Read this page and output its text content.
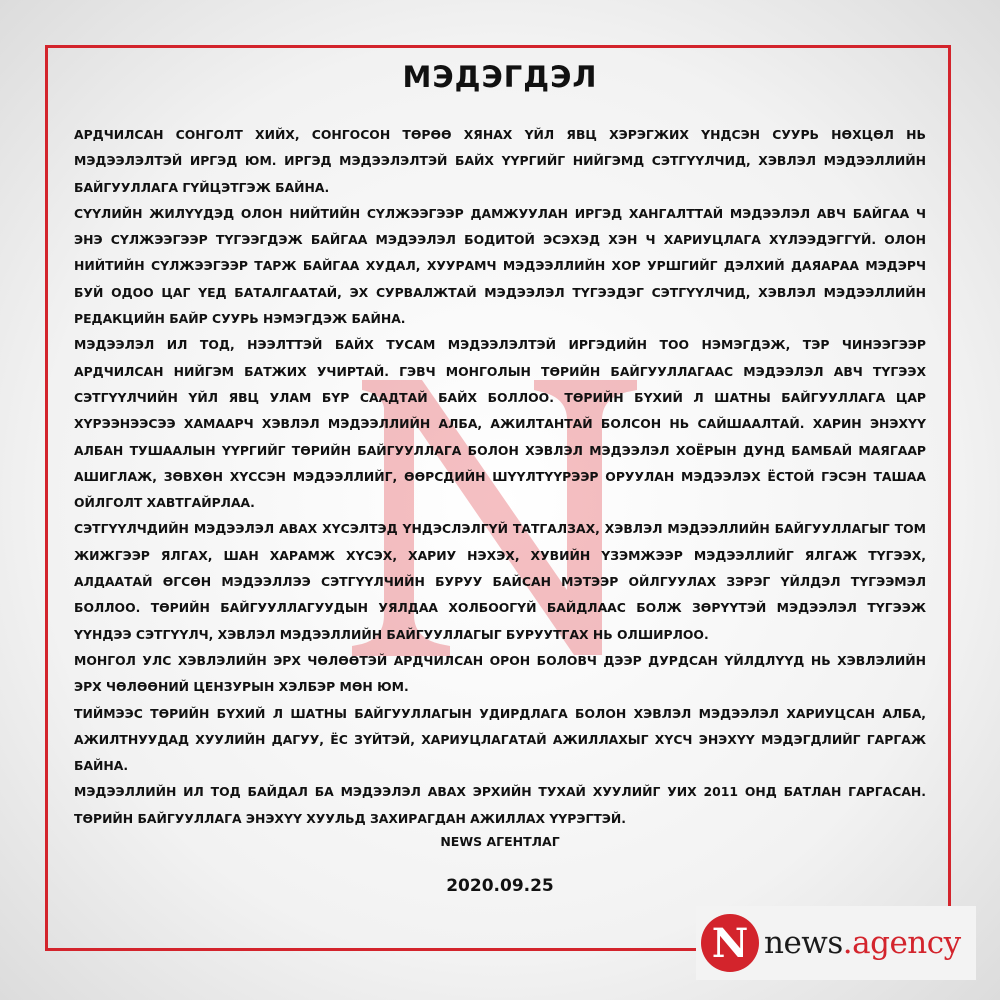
МЭДЭГДЭЛ

АРДЧИЛСАН СОНГОЛТ ХИЙХ, СОНГОСОН ТӨРӨӨ ХЯНАХ ҮЙЛ ЯВЦ ХЭРЭГЖИХ ҮНДСЭН СУУРЬ НӨХЦӨЛ НЬ МЭДЭЭЛЭЛТЭЙ ИРГЭД ЮМ. ИРГЭД МЭДЭЭЛЭЛТЭЙ БАЙХ ҮҮРГИЙГ НИЙГЭМД СЭТГҮҮЛЧИД, ХЭВЛЭЛ МЭДЭЭЛЛИЙН БАЙГУУЛЛАГА ГҮЙЦЭТГЭЖ БАЙНА.

СҮҮЛИЙН ЖИЛҮҮДЭД ОЛОН НИЙТИЙН СҮЛЖЭЭГЭЭР ДАМЖУУЛАН ИРГЭД ХАНГАЛТТАЙ МЭДЭЭЛЭЛ АВЧ БАЙГАА Ч ЭНЭ СҮЛЖЭЭГЭЭР ТҮГЭЭГДЭЖ БАЙГАА МЭДЭЭЛЭЛ БОДИТОЙ ЭСЭХЭД ХЭН Ч ХАРИУЦЛАГА ХҮЛЭЭДЭГГҮЙ. ОЛОН НИЙТИЙН СҮЛЖЭЭГЭЭР ТАРЖ БАЙГАА ХУДАЛ, ХУУРАМЧ МЭДЭЭЛЛИЙН ХОР УРШГИЙГ ДЭЛХИЙ ДАЯАРАА МЭДЭРЧ БУЙ ОДОО ЦАГ ҮЕД БАТАЛГААТАЙ, ЭХ СУРВАЛЖТАЙ МЭДЭЭЛЭЛ ТҮГЭЭДЭГ СЭТГҮҮЛЧИД, ХЭВЛЭЛ МЭДЭЭЛЛИЙН РЕДАКЦИЙН БАЙР СУУРЬ НЭМЭГДЭЖ БАЙНА.

МЭДЭЭЛЭЛ ИЛ ТОД, НЭЭЛТТЭЙ БАЙХ ТУСАМ МЭДЭЭЛЭЛТЭЙ ИРГЭДИЙН ТОО НЭМЭГДЭЖ, ТЭР ЧИНЭЭГЭЭР АРДЧИЛСАН НИЙГЭМ БАТЖИХ УЧИРТАЙ. ГЭВЧ МОНГОЛЫН ТӨРИЙН БАЙГУУЛЛАГААС МЭДЭЭЛЭЛ АВЧ ТҮГЭЭХ СЭТГҮҮЛЧИЙН ҮЙЛ ЯВЦ УЛАМ БҮР СААДТАЙ БАЙХ БОЛЛОО. ТӨРИЙН БҮХИЙ Л ШАТНЫ БАЙГУУЛЛАГА ЦАР ХҮРЭЭНЭЭСЭЭ ХАМААРЧ ХЭВЛЭЛ МЭДЭЭЛЛИЙН АЛБА, АЖИЛТАНТАЙ БОЛСОН НЬ САЙШААЛТАЙ. ХАРИН ЭНЭХҮҮ АЛБАН ТУШААЛЫН ҮҮРГИЙГ ТӨРИЙН БАЙГУУЛЛАГА БОЛОН ХЭВЛЭЛ МЭДЭЭЛЭЛ ХОЁРЫН ДУНД БАМБАЙ МАЯГААР АШИГЛАЖ, ЗӨВХӨН ХҮССЭН МЭДЭЭЛЛИЙГ, ӨӨРСДИЙН ШҮҮЛТҮҮРЭЭР ОРУУЛАН МЭДЭЭЛЭХ ЁСТОЙ ГЭСЭН ТАШАА ОЙЛГОЛТ ХАВТГАЙРЛАА.

СЭТГҮҮЛЧДИЙН МЭДЭЭЛЭЛ АВАХ ХҮСЭЛТЭД ҮНДЭСЛЭЛГҮЙ ТАТГАЛЗАХ, ХЭВЛЭЛ МЭДЭЭЛЛИЙН БАЙГУУЛЛАГЫГ ТОМ ЖИЖГЭЭР ЯЛГАХ, ШАН ХАРАМЖ ХҮСЭХ, ХАРИУ НЭХЭХ, ХУВИЙН ҮЗЭМЖЭЭР МЭДЭЭЛЛИЙГ ЯЛГАЖ ТҮГЭЭХ, АЛДААТАЙ ӨГСӨН МЭДЭЭЛЛЭЭ СЭТГҮҮЛЧИЙН БУРУУ БАЙСАН МЭТЭЭР ОЙЛГУУЛАХ ЗЭРЭГ ҮЙЛДЭЛ ТҮГЭЭМЭЛ БОЛЛОО. ТӨРИЙН БАЙГУУЛЛАГУУДЫН УЯЛДАА ХОЛБООГҮЙ БАЙДЛААС БОЛЖ ЗӨРҮҮТЭЙ МЭДЭЭЛЭЛ ТҮГЭЭЖ ҮҮНДЭЭ СЭТГҮҮЛЧ, ХЭВЛЭЛ МЭДЭЭЛЛИЙН БАЙГУУЛЛАГЫГ БУРУУТГАХ НЬ ОЛШИРЛОО.

МОНГОЛ УЛС ХЭВЛЭЛИЙН ЭРХ ЧӨЛӨӨТЭЙ АРДЧИЛСАН ОРОН БОЛОВЧ ДЭЭР ДУРДСАН ҮЙЛДЛҮҮД НЬ ХЭВЛЭЛИЙН ЭРХ ЧӨЛӨӨНИЙ ЦЕНЗУРЫН ХЭЛБЭР МӨН ЮМ.

ТИЙМЭЭС ТӨРИЙН БҮХИЙ Л ШАТНЫ БАЙГУУЛЛАГЫН УДИРДЛАГА БОЛОН ХЭВЛЭЛ МЭДЭЭЛЭЛ ХАРИУЦСАН АЛБА, АЖИЛТНУУДАД ХУУЛИЙН ДАГУУ, ЁС ЗҮЙТЭЙ, ХАРИУЦЛАГАТАЙ АЖИЛЛАХЫГ ХҮСЧ ЭНЭХҮҮ МЭДЭГДЛИЙГ ГАРГАЖ БАЙНА.

МЭДЭЭЛЛИЙН ИЛ ТОД БАЙДАЛ БА МЭДЭЭЛЭЛ АВАХ ЭРХИЙН ТУХАЙ ХУУЛИЙГ УИХ 2011 ОНД БАТЛАН ГАРГАСАН. ТӨРИЙН БАЙГУУЛЛАГА ЭНЭХҮҮ ХУУЛЬД ЗАХИРАГДАН АЖИЛЛАХ ҮҮРЭГТЭЙ.

NEWS АГЕНТЛАГ
2020.09.25
N news.agency
